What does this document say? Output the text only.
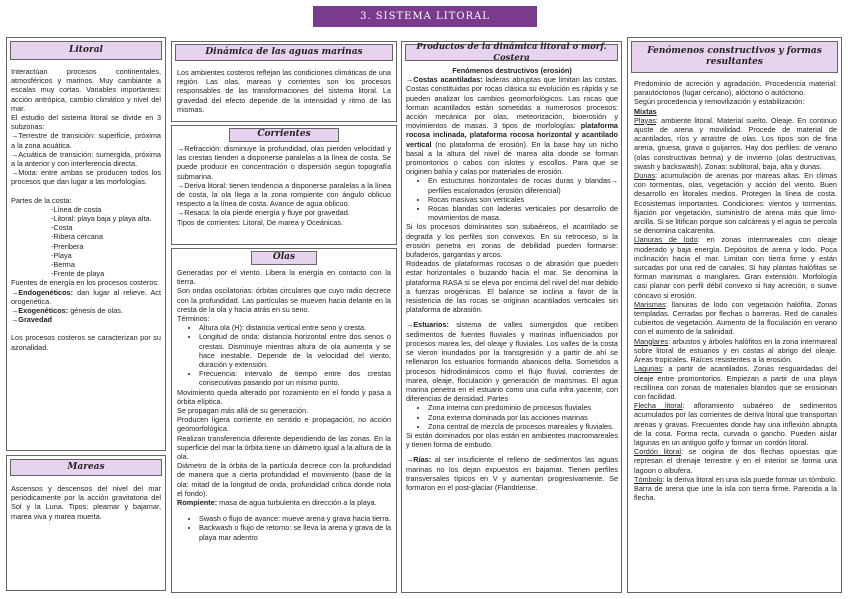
3. SISTEMA LITORAL
Litoral

Interactúan procesos continentales, atmosféricos y marinos. Muy cambiante a escalas muy cortas. Variables importantes: acción antrópica, cambio climático y nivel del mar.

El estudio del sistema litoral se divide en 3 subzonas:

→Terrestre de transición: superficie, próxima a la zona acuática.

→Acuática de transición: sumergida, próxima a la anterior y con interferencia directa.

→Mixta: entre ambas se producen todos los procesos que dan lugar a las morfologías.

Partes de la costa:

-Línea de costa

-Litoral: playa baja y playa alta.

-Costa

-Ribera cercana

-Preribera

-Playa

-Berma

-Frente de playa

Fuentes de energía en los procesos costeros:

→Endogenéticos: dan lugar al relieve. Act orogenética.

→Exogenéticos: génesis de olas.

→Gravedad

Los procesos costeros se caracterizan por su azonalidad.

Mareas
Ascensos y descensos del nivel del mar periódicamente por la acción gravitatoria del Sol y la Luna. Tipos: pleamar y bajamar, marea viva y marea muerta.
Dinámica de las aguas marinas
Los ambientes costeros reflejan las condiciones climáticas de una región. Las olas, mareas y corrientes son los procesos responsables de las transformaciones del sistema litoral. La gravedad del efecto depende de la intensidad y ritmo de las mismas.
Corrientes

→Refracción: disminuye la profundidad, olas pierden velocidad y las crestas tienden a disponerse paralelas a la línea de costa. Se puede producir en concentración o dispersión según topografía submarina.

→Deriva litoral: tienen tendencia a disponerse paralelas a la línea de costa, la ola llega a la zona rompiente con ángulo oblicuo respecto a la línea de costa. Avance de agua oblicuo.

→Resaca: la ola pierde energía y fluye por gravedad.

Tipos de corrientes: Litoral, De marea y Oceánicas.

Olas

Generadas por el viento. Libera la energía en contacto con la tierra.

Son ondas oscilatorias: órbitas circulares que cuyo radio decrece con la profundidad. Las partículas se mueven hacia delante en la cresta de la ola y hacia atrás en su seno.

Términos:

• Altura ola (H): distancia vertical entre seno y cresta.
• Longitud de onda: distancia horizontal entre dos senos o crestas. Disminuye mientras altura de ola aumenta y se hace inestable. Depende de la velocidad del viento, duración y extensión.
• Frecuencia: intervalo de tiempo entre dos crestas consecutivas pasando por un mismo punto.

Movimiento queda alterado por rozamiento en el fondo y pasa a órbita elíptica.

Se propagan más allá de su generación.

Producen ligera corriente en sentido e propagación, no acción geomorfológica.

Realizan transferencia diferente dependiendo de las zonas. En la superficie del mar la órbita tiene un diámetro igual a la altura de la ola.

Diámetro de la órbita de la partícula decrece con la profundidad de manera que a cierta profundidad el movimiento (base de la ola: mitad de la longitud de onda, profundidad crítica donde nota el fondo).

Rompiente: masa de agua turbulenta en dirección a la playa.

• Swash o flujo de avance: mueve arena y grava hacia tierra.
• Backwash o flujo de retorno: se lleva la arena y grava de la playa mar adentro
Productos de la dinámica litoral o morf. Costera

Fenómenos destructivos (erosión)

→Costas acantiladas: laderas abruptas que limitan las costas. Costas constituidas por rocas clásica su evolución es rápida y se pueden analizar los cambios geomorfológicos. Las rocas que forman acantilados están sometidas a numerosos procesos: acción mecánica por olas, meteorización, bioerosión y movimientos de masas. 3 tipos de morfologías: plataforma rocosa inclinada, plataforma rocosa horizontal y acantilado vertical (no plataforma de erosión). En la base hay un nicho basal a la altura del nivel de marea alta donde se forman promontorios o cabos con islotes y escollos. Para que se originen bahía y calas por materiales de erosión.

• En estucturas horizontales de rocas duras y blandas→ perfiles escalonados (erosión diferencial)
• Rocas masivas son verticales
• Rocas blandas con laderas verticales por desarrollo de movimientos de masa.

Si los procesos dominantes son subaéreos, el acantilado se degrada y los perfiles son convexos. En su retroceso, si la erosión penetra en zonas de debilidad pueden formarse: bufaderos, gargantas y arcos.

Rodeados de plataformas rocosas o de abrasión que pueden estar horizontales o buzando hacia el mar. Se denomina la plataforma RASA si se eleva por encima del nivel del mar debido a fuerzas orogénicas. El balance se inclina a favor de la resistencia de las rocas se originan acantilados verticales sin plataforma de abrasión.

→Estuarios: sistema de valles sumergidos que reciben sedimentos de fuentes fluviales y marinas influenciados por procesos marea les, del oleaje y fluviales. Los valles de la costa se vieron inundados por la transgresión y a partir de ahí se rellenaron los estuarios formando abanicos delta. Sometidos a procesos hidrodinámicos como el flujo fluvial, corrientes de marea, oleaje, floculación y generación de marismas. El agua marina penetra en el estuario como una cuña infra yacente, con diferencias de densidad. Partes

• Zona interna con predominio de procesos fluviales
• Zona externa dominada por las acciones marinas
• Zona central de mezcla de procesos mareales y fluviales.

Si están dominados por olas están en ambientes macromareales y tienen forma de embudo.

→Rías: al ser insuficiente el relleno de sedimentos las aguas marinas no los dejan expuestos en bajamar. Tienen perfiles transversales típicos en V y aumentan progresivamente. Se formaron en el post-glaciar (Flandriense.

Fenómenos constructivos y formas resultantes

Predominio de acreción y agradación. Procedencia material: parautóctonos (lugar cercano), alóctono o autóctono.

Según procedencia y removilización y estabilización:

Mixtas

Playas: ambiente litoral. Material suelto. Oleaje. En continuo ajuste de arena y movilidad. Procede de material de acantilados, ríos y arrastre de olas. Los tipos son de fina arena, gruesa, grava o guijarros. Hay dos perfiles: de verano (olas constructivas berma) y de invierno (olas destructivas, swash y backswash). Zonas: sublitoral, baja, alta y dunas.

Dunas: acumulación de arenas por mareas altas. En climas con tormentas, olas, vegetación y acción del viento. Buen desarrollo en litorales medios. Protegen la línea de costa. Ecosistemas importantes. Condiciones: vientos y tormentas, fijación por vegetación, suministro de arena más que limo-arcilla. Si se litifican porque son calcáreas y el agua se percola se denomina calcarenita.

Llanuras de lodo: en zonas intermareales con oleaje moderado y baja energía. Depósitos de arena y lodo. Poca inclinación hacia el mar. Limitan con tierra firme y están surcadas por una red de canales. Si hay plantas halófitas se forman marismas o manglares. Gran extensión. Morfología casi planar con perfil débil convexo si hay acreción, o suave cóncavo si erosión.

Marismas: llanuras de lodo con vegetación halófita. Zonas templadas. Cerradas por flechas o barreras. Red de canales cubiertos de vegetación. Aumento de la floculación en verano con el aumento de la salinidad.

Manglares: arbustos y árboles halófitos en la zona intermareal sobre litoral de estuarios y en costas al abrigo del oleaje. Áreas tropicales. Raíces resistentes a la erosión.

Lagunas: a partir de acantilados. Zonas resguardadas del oleaje entre promontorios. Empiezan a partir de una playa rectilínea con zonas de materiales blandos que se erosionan con facilidad.

Flecha litoral: afloramiento subaéreo de sedimentos acumulados por las corrientes de deriva litoral que transportan arenas y gravas. Frecuentes donde hay una inflexión abrupta de la cosa. Forma recta, curvada o gancho. Pueden aislar lagunas en un antiguo golfo y formar un cordón litoral.

Cordón litoral: se origina de dos flechas opuestas que represan el drenaje terrestre y en el interior se forma una lagoon o albufera.

Tómbolo: la deriva litoral en una isla puede formar un tómbolo. Barra de arena que une la isla con tierra firme. Parecida a la flecha.
